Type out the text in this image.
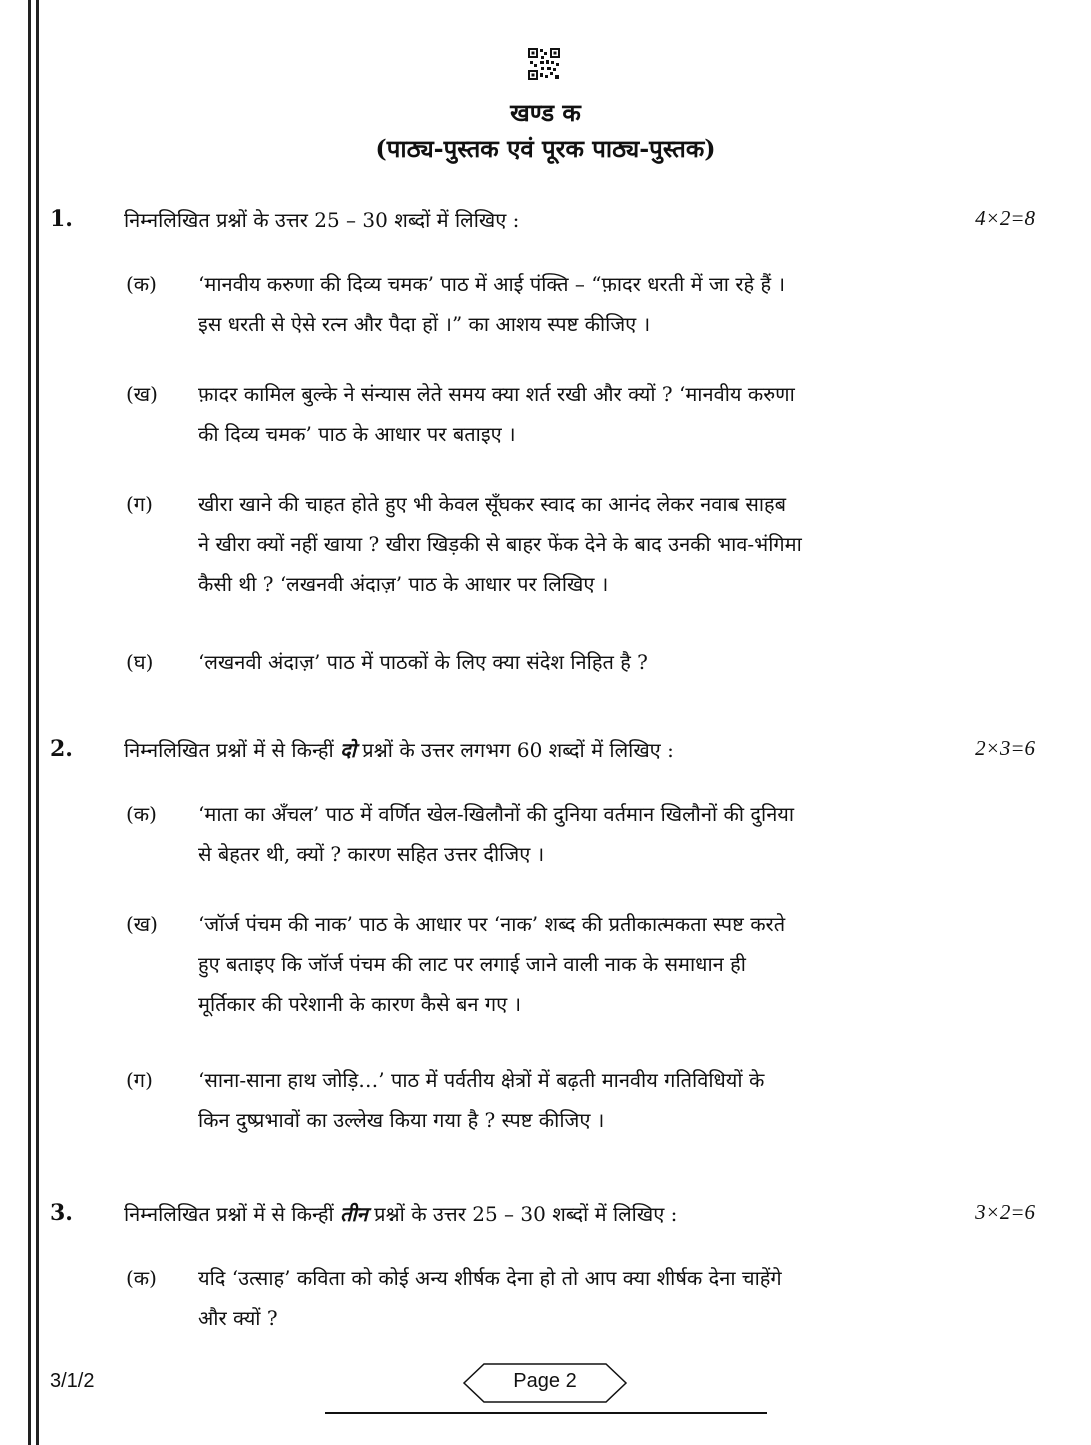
खण्ड क
(पाठ्य-पुस्तक एवं पूरक पाठ्य-पुस्तक)
1.	निम्नलिखित प्रश्नों के उत्तर 25 – 30 शब्दों में लिखिए :	4×2=8
(क) ‘मानवीय करुणा की दिव्य चमक’ पाठ में आई पंक्ति – “फ़ादर धरती में जा रहे हैं ।
इस धरती से ऐसे रत्न और पैदा हों ।” का आशय स्पष्ट कीजिए ।
(ख) फ़ादर कामिल बुल्के ने संन्यास लेते समय क्या शर्त रखी और क्यों ? ‘मानवीय करुणा
की दिव्य चमक’ पाठ के आधार पर बताइए ।
(ग) खीरा खाने की चाहत होते हुए भी केवल सूँघकर स्वाद का आनंद लेकर नवाब साहब
ने खीरा क्यों नहीं खाया ? खीरा खिड़की से बाहर फेंक देने के बाद उनकी भाव-भंगिमा
कैसी थी ? ‘लखनवी अंदाज़’ पाठ के आधार पर लिखिए ।
(घ) ‘लखनवी अंदाज़’ पाठ में पाठकों के लिए क्या संदेश निहित है ?
2.	निम्नलिखित प्रश्नों में से किन्हीं दो प्रश्नों के उत्तर लगभग 60 शब्दों में लिखिए :	2×3=6
(क) ‘माता का अँचल’ पाठ में वर्णित खेल-खिलौनों की दुनिया वर्तमान खिलौनों की दुनिया
से बेहतर थी, क्यों ? कारण सहित उत्तर दीजिए ।
(ख) ‘जॉर्ज पंचम की नाक’ पाठ के आधार पर ‘नाक’ शब्द की प्रतीकात्मकता स्पष्ट करते
हुए बताइए कि जॉर्ज पंचम की लाट पर लगाई जाने वाली नाक के समाधान ही
मूर्तिकार की परेशानी के कारण कैसे बन गए ।
(ग) ‘साना-साना हाथ जोड़ि…’ पाठ में पर्वतीय क्षेत्रों में बढ़ती मानवीय गतिविधियों के
किन दुष्प्रभावों का उल्लेख किया गया है ? स्पष्ट कीजिए ।
3.	निम्नलिखित प्रश्नों में से किन्हीं तीन प्रश्नों के उत्तर 25 – 30 शब्दों में लिखिए :	3×2=6
(क) यदि ‘उत्साह’ कविता को कोई अन्य शीर्षक देना हो तो आप क्या शीर्षक देना चाहेंगे
और क्यों ?
3/1/2	Page 2
